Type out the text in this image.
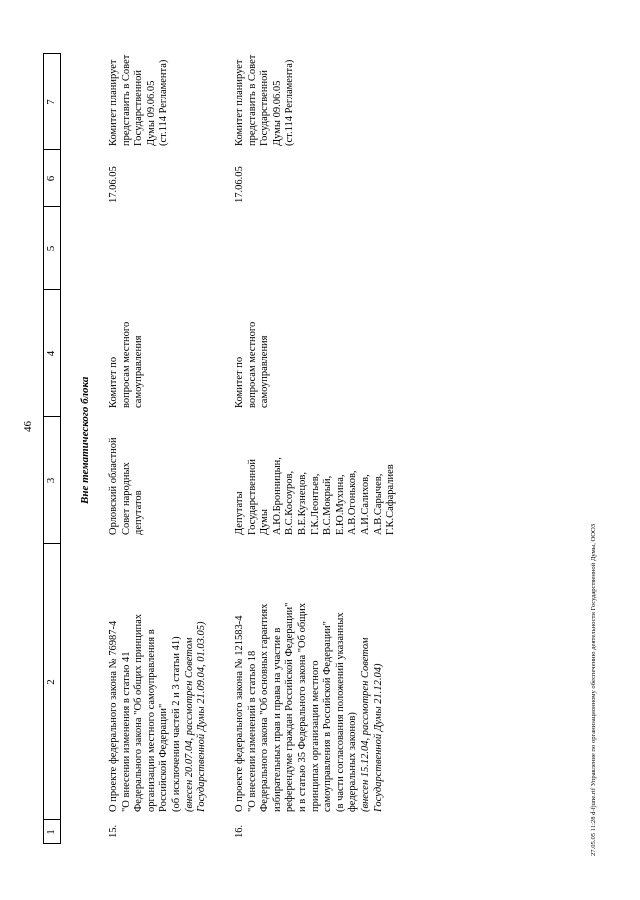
1
2
3
4
5
6
7
46	Вне тематического блока
15.
О проекте федерального закона № 76987-4
"О внесении изменения в статью 41
Федерального закона "Об общих принципах
организации местного самоуправления в
Российской Федерации"
(об исключении частей 2 и 3 статьи 41)
(внесен 20.07.04, рассмотрен Советом
Государственной Думы 21.09.04, 01.03.05)
Орловский областной
Совет народных
депутатов
Комитет по
вопросам местного
самоуправления
17.06.05
Комитет планирует
представить в Совет
Государственной
Думы 09.06.05
(ст.114 Регламента)
16.
О проекте федерального закона № 121583-4
"О внесении изменений в статью 18
Федерального закона "Об основных гарантиях
избирательных прав и права на участие в
референдуме граждан Российской Федерации"
и в статью 35 Федерального закона "Об общих
принципах организации местного
самоуправления в Российской Федерации"
(в части согласования положений указанных
федеральных законов)
(внесен 15.12.04, рассмотрен Советом
Государственной Думы 21.12.04)
Депутаты
Государственной
Думы
А.Ю.Бронницын,
В.С.Косоуров,
В.Е.Кузнецов,
Г.К.Леонтьев,
В.С.Мокрый,
Е.Ю.Мухина,
А.В.Огоньков,
А.И.Салихов,
А.В.Сарычев,
Г.К.Сафаралиев
Комитет по
вопросам местного
самоуправления
17.06.05
Комитет планирует
представить в Совет
Государственной
Думы 09.06.05
(ст.114 Регламента)
27.05.05 11:28 d-fjune.rtf Управление по организационному обеспечению деятельности Государственной Думы, ОООЗ
